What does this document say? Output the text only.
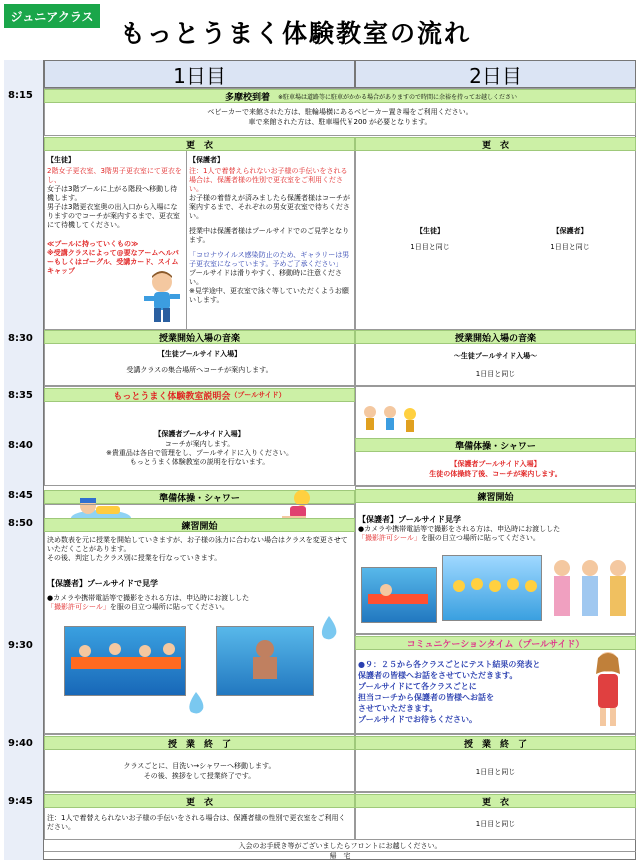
ジュニアクラス
もっとうまく体験教室の流れ
1日目	2日目
8:15
8:30
8:35
8:40
8:45
8:50
9:30
9:40
9:45
多摩校到着 ※駐車場は道路等に駐車がかかる場合がありますので時間に余裕を持ってお越しください
ベビーカーで来館された方は、駐輪場横にあるベビーカー置き場をご利用ください。
車で来館された方は、駐車場代￥200 が必要となります。
更　衣
【生徒】
2階女子更衣室、3階男子更衣室にて更衣をし、
女子は3階プールに上がる階段へ移動し待機します。
男子は3階更衣室奥の出入口から入場になりますのでコーチが案内するまで、更衣室にて待機してください。
≪プールに持っていくもの≫
※受講クラスによって@要なアームヘルパーもしくはゴーグル、受講カード、スイムキャップ
【保護者】
注：1人で着替えられないお子様の手伝いをされる場合は、保護者様の性別で更衣室をご利用ください。
お子様の着替えが済みましたら保護者様はコーチが案内するまで、それぞれの男女更衣室で待ちください。
授業中は保護者様はプールサイドでのご見学となります。
「コロナウイルス感染防止のため、ギャラリーは男子更衣室になっています。予めご了承ください」
プールサイドは滑りやすく、移動時に注意ください。
※見学途中、更衣室で泳ぐ等していただくようお願いします。
更　衣
【生徒】
1日目と同じ
【保護者】
1日目と同じ
授業開始入場の音楽
【生徒プールサイド入場】
受講クラスの集合場所へコーチが案内します。
授業開始入場の音楽
～生徒プールサイド入場～
1日目と同じ
もっとうまく体験教室説明会 （プールサイド）
【保護者プールサイド入場】
コーチが案内します。
※貴重品は各自で管理をし、プールサイドに入りください。
もっとうまく体験教室の説明を行ないます。
準備体操・シャワー
【保護者プールサイド入場】
生徒の体操終了後、コーチが案内します。
準備体操・シャワー
練習開始
決め数表を元に授業を開始していきますが、お子様の泳力に合わない場合はクラスを変更させていただくことがあります。
その後、判定したクラス別に授業を行なっていきます。
【保護者】プールサイドで見学
●カメラや携帯電話等で撮影をされる方は、申込時にお渡しした
「撮影許可シール」を服の目立つ場所に貼ってください。
練習開始
【保護者】プールサイド見学
●カメラや携帯電話等で撮影をされる方は、申込時にお渡しした
「撮影許可シール」を服の目立つ場所に貼ってください。
コミュニケーションタイム（プールサイド）
●９：２５から各クラスごとにテスト結果の発表と
保護者の皆様へお話をさせていただきます。
プールサイドにて各クラスごとに
担当コーチから保護者の皆様へお話を
させていただきます。
プールサイドでお待ちください。
授　業　終　了
クラスごとに、目洗い→シャワーへ移動します。
その後、挨拶をして授業終了です。
授　業　終　了
1日目と同じ
更　衣
注：1人で着替えられないお子様の手伝いをされる場合は、保護者様の性別で更衣室をご利用ください。
更　衣
1日目と同じ
入会のお手続き等がございましたらフロントにお越しください。
帰　宅
